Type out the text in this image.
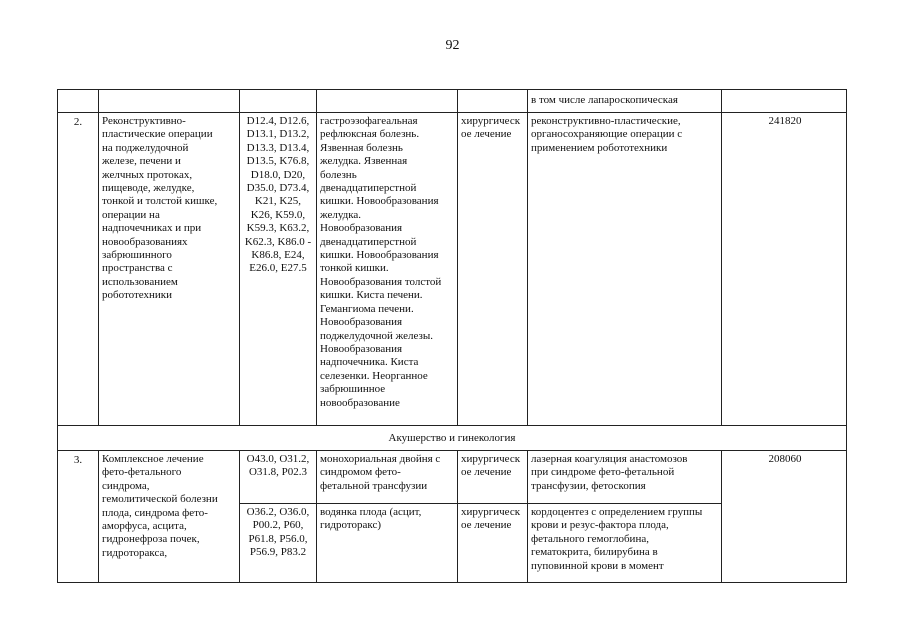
92
в том числе лапароскопическая
2.	Реконструктивно-
пластические операции
на поджелудочной
железе, печени и
желчных протоках,
пищеводе, желудке,
тонкой и толстой кишке,
операции на
надпочечниках и при
новообразованиях
забрюшинного
пространства с
использованием
робототехники
D12.4, D12.6,
D13.1, D13.2,
D13.3, D13.4,
D13.5, K76.8,
D18.0, D20,
D35.0, D73.4,
K21, K25,
K26, K59.0,
K59.3, K63.2,
K62.3, K86.0 -
K86.8, E24,
E26.0, E27.5
гастроэзофагеальная
рефлюксная болезнь.
Язвенная болезнь
желудка. Язвенная
болезнь
двенадцатиперстной
кишки. Новообразования
желудка.
Новообразования
двенадцатиперстной
кишки. Новообразования
тонкой кишки.
Новообразования толстой
кишки. Киста печени.
Гемангиома печени.
Новообразования
поджелудочной железы.
Новообразования
надпочечника. Киста
селезенки. Неорганное
забрюшинное
новообразование
хирургическ
ое лечение
реконструктивно-пластические,
органосохраняющие операции с
применением робототехники
241820
Акушерство и гинекология
3.	Комплексное лечение
фето-фетального
синдрома,
гемолитической болезни
плода, синдрома фето-
аморфуса, асцита,
гидронефроза почек,
гидроторакса,
O43.0, O31.2,
O31.8, P02.3
монохориальная двойня с
синдромом фето-
фетальной трансфузии
хирургическ
ое лечение
лазерная коагуляция анастомозов
при синдроме фето-фетальной
трансфузии, фетоскопия
O36.2, O36.0,
P00.2, P60,
P61.8, P56.0,
P56.9, P83.2
водянка плода (асцит,
гидроторакс)
хирургическ
ое лечение
кордоцентез с определением группы
крови и резус-фактора плода,
фетального гемоглобина,
гематокрита, билирубина в
пуповинной крови в момент
208060
